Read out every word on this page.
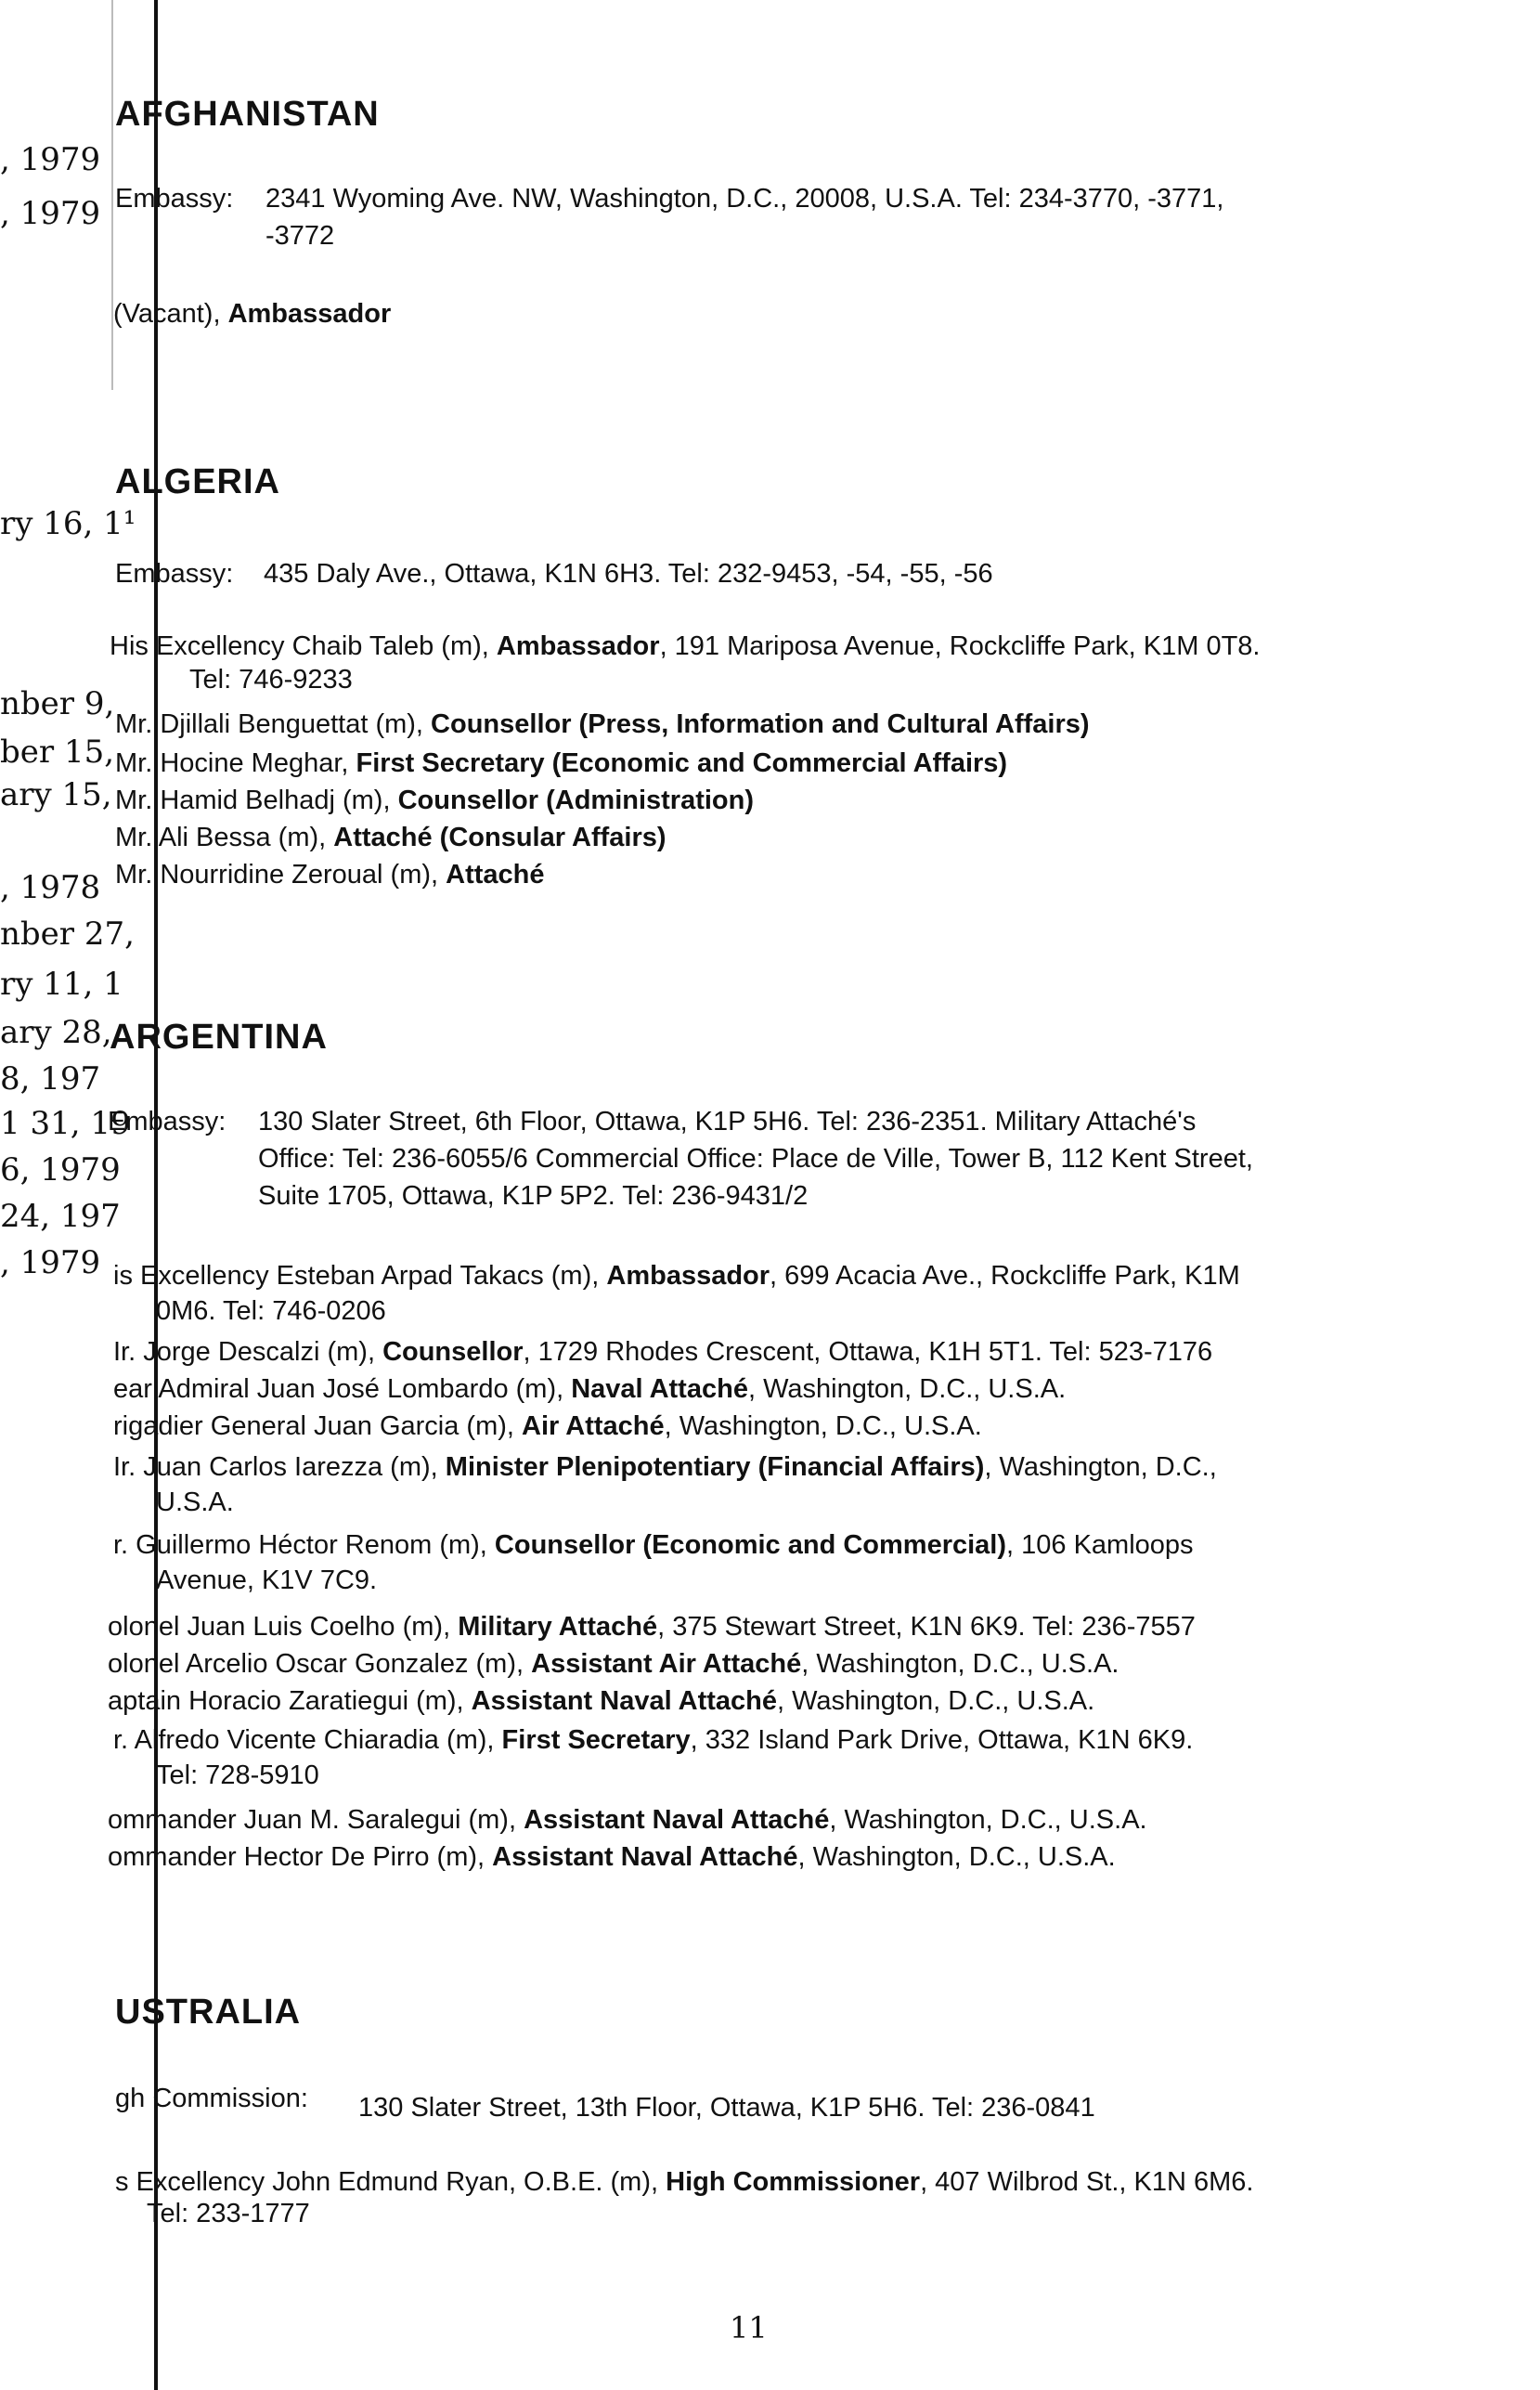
, 1979
, 1979
ry 16, 1¹
nber 9,
ber 15,
ary 15,
, 1978
nber 27,
ry 11, 1
ary 28,
8, 197
1 31, 19
6, 1979
24, 197
, 1979
AFGHANISTAN
Embassy: 2341 Wyoming Ave. NW, Washington, D.C., 20008, U.S.A. Tel: 234-3770, -3771,
-3772
(Vacant), Ambassador
ALGERIA
Embassy: 435 Daly Ave., Ottawa, K1N 6H3. Tel: 232-9453, -54, -55, -56
His Excellency Chaib Taleb (m), Ambassador, 191 Mariposa Avenue, Rockcliffe Park, K1M 0T8.
Tel: 746-9233
Mr. Djillali Benguettat (m), Counsellor (Press, Information and Cultural Affairs)
Mr. Hocine Meghar, First Secretary (Economic and Commercial Affairs)
Mr. Hamid Belhadj (m), Counsellor (Administration)
Mr. Ali Bessa (m), Attaché (Consular Affairs)
Mr. Nourridine Zeroual (m), Attaché
ARGENTINA
Embassy: 130 Slater Street, 6th Floor, Ottawa, K1P 5H6. Tel: 236-2351. Military Attaché's
Office: Tel: 236-6055/6 Commercial Office: Place de Ville, Tower B, 112 Kent Street,
Suite 1705, Ottawa, K1P 5P2. Tel: 236-9431/2
is Excellency Esteban Arpad Takacs (m), Ambassador, 699 Acacia Ave., Rockcliffe Park, K1M
0M6. Tel: 746-0206
Ir. Jorge Descalzi (m), Counsellor, 1729 Rhodes Crescent, Ottawa, K1H 5T1. Tel: 523-7176
ear Admiral Juan José Lombardo (m), Naval Attaché, Washington, D.C., U.S.A.
rigadier General Juan Garcia (m), Air Attaché, Washington, D.C., U.S.A.
Ir. Juan Carlos Iarezza (m), Minister Plenipotentiary (Financial Affairs), Washington, D.C.,
U.S.A.
r. Guillermo Héctor Renom (m), Counsellor (Economic and Commercial), 106 Kamloops
Avenue, K1V 7C9.
olonel Juan Luis Coelho (m), Military Attaché, 375 Stewart Street, K1N 6K9. Tel: 236-7557
olonel Arcelio Oscar Gonzalez (m), Assistant Air Attaché, Washington, D.C., U.S.A.
aptain Horacio Zaratiegui (m), Assistant Naval Attaché, Washington, D.C., U.S.A.
r. Alfredo Vicente Chiaradia (m), First Secretary, 332 Island Park Drive, Ottawa, K1N 6K9.
Tel: 728-5910
ommander Juan M. Saralegui (m), Assistant Naval Attaché, Washington, D.C., U.S.A.
ommander Hector De Pirro (m), Assistant Naval Attaché, Washington, D.C., U.S.A.
USTRALIA
gh Commission: 130 Slater Street, 13th Floor, Ottawa, K1P 5H6. Tel: 236-0841
s Excellency John Edmund Ryan, O.B.E. (m), High Commissioner, 407 Wilbrod St., K1N 6M6.
Tel: 233-1777
11
